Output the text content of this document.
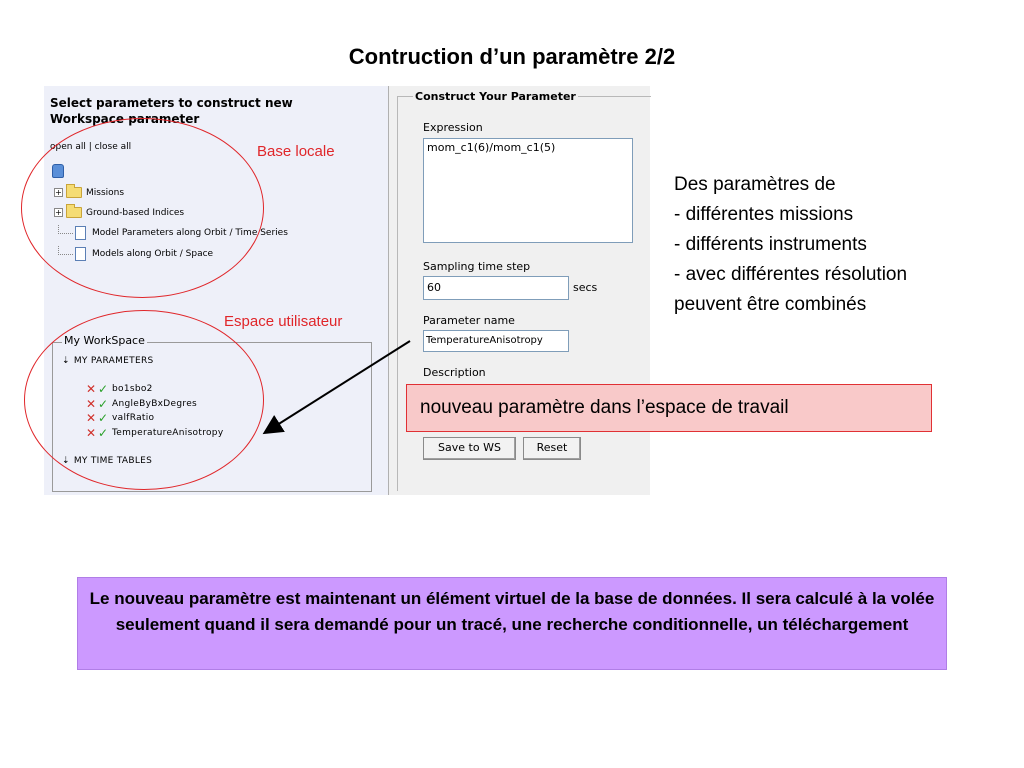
Contruction d’un paramètre 2/2
Select parameters to construct new Workspace parameter
open all | close all
+	Missions
+	Ground-based Indices
Model Parameters along Orbit / Time Series
Models along Orbit / Space
My WorkSpace
⇣ MY PARAMETERS
✕ ✓ bo1sbo2
✕ ✓ AngleByBxDegres
✕ ✓ valfRatio
✕ ✓ TemperatureAnisotropy
⇣ MY TIME TABLES
Construct Your Parameter
Expression
mom_c1(6)/mom_c1(5)
Sampling time step
60	secs
Parameter name
TemperatureAnisotropy
Description
Save to WS	Reset
Base locale
Espace utilisateur
Des paramètres de
- différentes missions
- différents instruments
- avec différentes résolution
peuvent être combinés
nouveau paramètre dans l’espace de travail
Le nouveau paramètre est maintenant un élément virtuel de la base de données. Il sera calculé à la volée seulement quand il sera demandé pour un tracé, une recherche conditionnelle, un téléchargement
